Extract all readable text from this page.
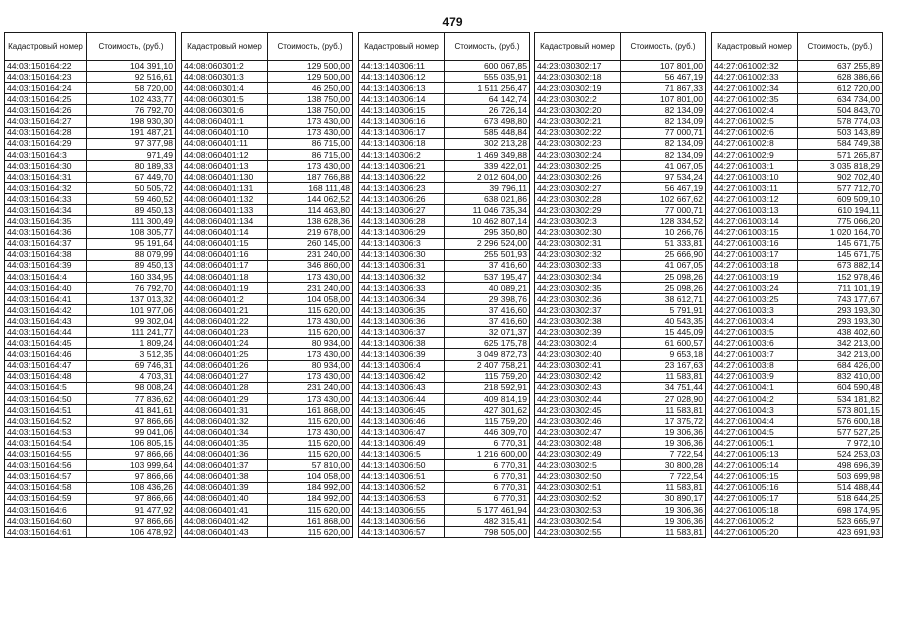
479
Кадастровый номер	Стоимость, (руб.)
44:03:150164:22	104 391,10
44:03:150164:23	92 516,61
44:03:150164:24	58 720,00
44:03:150164:25	102 433,77
44:03:150164:26	76 792,70
44:03:150164:27	198 930,30
44:03:150164:28	191 487,21
44:03:150164:29	97 377,98
44:03:150164:3	971,49
44:03:150164:30	80 189,33
44:03:150164:31	67 449,70
44:03:150164:32	50 505,72
44:03:150164:33	59 460,52
44:03:150164:34	89 450,13
44:03:150164:35	111 300,49
44:03:150164:36	108 305,77
44:03:150164:37	95 191,64
44:03:150164:38	88 079,99
44:03:150164:39	89 450,13
44:03:150164:4	160 334,95
44:03:150164:40	76 792,70
44:03:150164:41	137 013,32
44:03:150164:42	101 977,06
44:03:150164:43	99 302,04
44:03:150164:44	111 241,77
44:03:150164:45	1 809,24
44:03:150164:46	3 512,35
44:03:150164:47	69 746,31
44:03:150164:48	4 703,31
44:03:150164:5	98 008,24
44:03:150164:50	77 836,62
44:03:150164:51	41 841,61
44:03:150164:52	97 866,66
44:03:150164:53	99 041,06
44:03:150164:54	106 805,15
44:03:150164:55	97 866,66
44:03:150164:56	103 999,64
44:03:150164:57	97 866,66
44:03:150164:58	108 436,26
44:03:150164:59	97 866,66
44:03:150164:6	91 477,92
44:03:150164:60	97 866,66
44:03:150164:61	106 478,92
Кадастровый номер	Стоимость, (руб.)
44:08:060301:2	129 500,00
44:08:060301:3	129 500,00
44:08:060301:4	46 250,00
44:08:060301:5	138 750,00
44:08:060301:6	138 750,00
44:08:060401:1	173 430,00
44:08:060401:10	173 430,00
44:08:060401:11	86 715,00
44:08:060401:12	86 715,00
44:08:060401:13	173 430,00
44:08:060401:130	187 766,88
44:08:060401:131	168 111,48
44:08:060401:132	144 062,52
44:08:060401:133	114 463,80
44:08:060401:134	138 628,36
44:08:060401:14	219 678,00
44:08:060401:15	260 145,00
44:08:060401:16	231 240,00
44:08:060401:17	346 860,00
44:08:060401:18	173 430,00
44:08:060401:19	231 240,00
44:08:060401:2	104 058,00
44:08:060401:21	115 620,00
44:08:060401:22	173 430,00
44:08:060401:23	115 620,00
44:08:060401:24	80 934,00
44:08:060401:25	173 430,00
44:08:060401:26	80 934,00
44:08:060401:27	173 430,00
44:08:060401:28	231 240,00
44:08:060401:29	173 430,00
44:08:060401:31	161 868,00
44:08:060401:32	115 620,00
44:08:060401:34	173 430,00
44:08:060401:35	115 620,00
44:08:060401:36	115 620,00
44:08:060401:37	57 810,00
44:08:060401:38	104 058,00
44:08:060401:39	184 992,00
44:08:060401:40	184 992,00
44:08:060401:41	115 620,00
44:08:060401:42	161 868,00
44:08:060401:43	115 620,00
Кадастровый номер	Стоимость, (руб.)
44:13:140306:11	600 067,85
44:13:140306:12	555 035,91
44:13:140306:13	1 511 256,47
44:13:140306:14	64 142,74
44:13:140306:15	26 726,14
44:13:140306:16	673 498,80
44:13:140306:17	585 448,84
44:13:140306:18	302 213,28
44:13:140306:2	1 469 349,88
44:13:140306:21	339 422,01
44:13:140306:22	2 012 604,00
44:13:140306:23	39 796,11
44:13:140306:26	638 021,86
44:13:140306:27	11 046 735,34
44:13:140306:28	10 462 807,14
44:13:140306:29	295 350,80
44:13:140306:3	2 296 524,00
44:13:140306:30	255 501,93
44:13:140306:31	37 416,60
44:13:140306:32	537 195,47
44:13:140306:33	40 089,21
44:13:140306:34	29 398,76
44:13:140306:35	37 416,60
44:13:140306:36	37 416,60
44:13:140306:37	32 071,37
44:13:140306:38	625 175,78
44:13:140306:39	3 049 872,73
44:13:140306:4	2 407 758,21
44:13:140306:42	115 759,20
44:13:140306:43	218 592,91
44:13:140306:44	409 814,19
44:13:140306:45	427 301,62
44:13:140306:46	115 759,20
44:13:140306:47	446 309,70
44:13:140306:49	6 770,31
44:13:140306:5	1 216 600,00
44:13:140306:50	6 770,31
44:13:140306:51	6 770,31
44:13:140306:52	6 770,31
44:13:140306:53	6 770,31
44:13:140306:55	5 177 461,94
44:13:140306:56	482 315,41
44:13:140306:57	798 505,00
Кадастровый номер	Стоимость, (руб.)
44:23:030302:17	107 801,00
44:23:030302:18	56 467,19
44:23:030302:19	71 867,33
44:23:030302:2	107 801,00
44:23:030302:20	82 134,09
44:23:030302:21	82 134,09
44:23:030302:22	77 000,71
44:23:030302:23	82 134,09
44:23:030302:24	82 134,09
44:23:030302:25	41 067,05
44:23:030302:26	97 534,24
44:23:030302:27	56 467,19
44:23:030302:28	102 667,62
44:23:030302:29	77 000,71
44:23:030302:3	128 334,52
44:23:030302:30	10 266,76
44:23:030302:31	51 333,81
44:23:030302:32	25 666,90
44:23:030302:33	41 067,05
44:23:030302:34	25 098,26
44:23:030302:35	25 098,26
44:23:030302:36	38 612,71
44:23:030302:37	5 791,91
44:23:030302:38	40 543,35
44:23:030302:39	15 445,09
44:23:030302:4	61 600,57
44:23:030302:40	9 653,18
44:23:030302:41	23 167,63
44:23:030302:42	11 583,81
44:23:030302:43	34 751,44
44:23:030302:44	27 028,90
44:23:030302:45	11 583,81
44:23:030302:46	17 375,72
44:23:030302:47	19 306,36
44:23:030302:48	19 306,36
44:23:030302:49	7 722,54
44:23:030302:5	30 800,28
44:23:030302:50	7 722,54
44:23:030302:51	11 583,81
44:23:030302:52	30 890,17
44:23:030302:53	19 306,36
44:23:030302:54	19 306,36
44:23:030302:55	11 583,81
Кадастровый номер	Стоимость, (руб.)
44:27:061002:32	637 255,89
44:27:061002:33	628 386,66
44:27:061002:34	612 720,00
44:27:061002:35	634 734,00
44:27:061002:4	504 843,70
44:27:061002:5	578 774,03
44:27:061002:6	503 143,89
44:27:061002:8	584 749,38
44:27:061002:9	571 265,87
44:27:061003:1	3 035 818,29
44:27:061003:10	902 702,40
44:27:061003:11	577 712,70
44:27:061003:12	609 509,10
44:27:061003:13	610 194,11
44:27:061003:14	775 066,20
44:27:061003:15	1 020 164,70
44:27:061003:16	145 671,75
44:27:061003:17	145 671,75
44:27:061003:18	673 882,14
44:27:061003:19	152 978,46
44:27:061003:24	711 101,19
44:27:061003:25	743 177,67
44:27:061003:3	293 193,30
44:27:061003:4	293 193,30
44:27:061003:5	438 402,60
44:27:061003:6	342 213,00
44:27:061003:7	342 213,00
44:27:061003:8	684 426,00
44:27:061003:9	832 410,00
44:27:061004:1	604 590,48
44:27:061004:2	534 181,82
44:27:061004:3	573 801,15
44:27:061004:4	576 600,18
44:27:061004:5	577 527,25
44:27:061005:1	7 972,10
44:27:061005:13	524 253,03
44:27:061005:14	498 696,39
44:27:061005:15	503 699,98
44:27:061005:16	514 488,44
44:27:061005:17	518 644,25
44:27:061005:18	698 174,95
44:27:061005:2	523 665,97
44:27:061005:20	423 691,93
